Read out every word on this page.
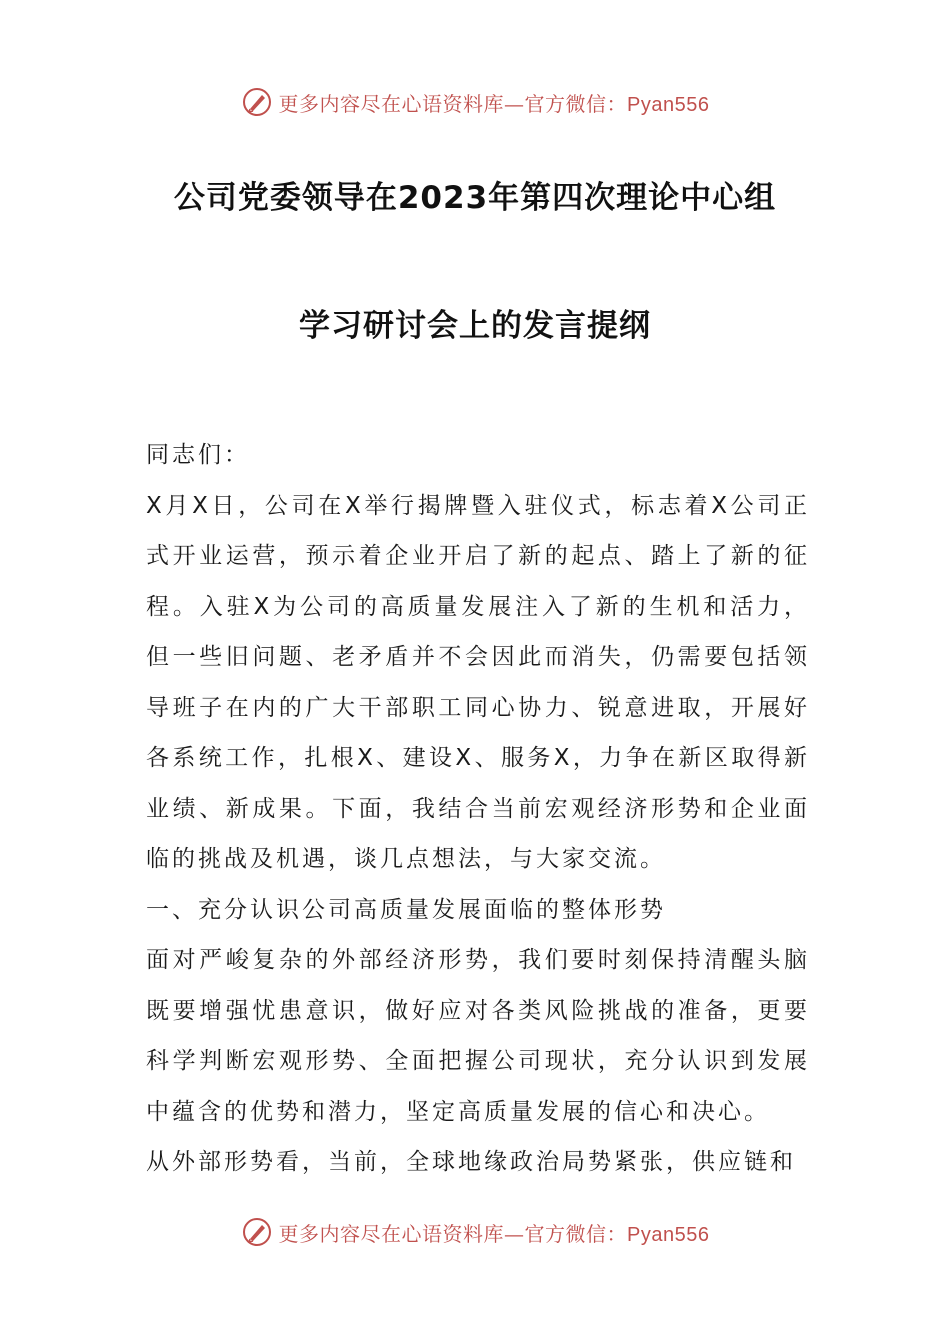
更多内容尽在心语资料库—官方微信：Pyan556
公司党委领导在2023年第四次理论中心组
学习研讨会上的发言提纲

同志们：

X月X日，公司在X举行揭牌暨入驻仪式，标志着X公司正式开业运营，预示着企业开启了新的起点、踏上了新的征程。入驻X为公司的高质量发展注入了新的生机和活力，但一些旧问题、老矛盾并不会因此而消失，仍需要包括领导班子在内的广大干部职工同心协力、锐意进取，开展好各系统工作，扎根X、建设X、服务X，力争在新区取得新业绩、新成果。下面，我结合当前宏观经济形势和企业面临的挑战及机遇，谈几点想法，与大家交流。

一、充分认识公司高质量发展面临的整体形势

面对严峻复杂的外部经济形势，我们要时刻保持清醒头脑既要增强忧患意识，做好应对各类风险挑战的准备，更要科学判断宏观形势、全面把握公司现状，充分认识到发展中蕴含的优势和潜力，坚定高质量发展的信心和决心。

从外部形势看，当前，全球地缘政治局势紧张，供应链和

更多内容尽在心语资料库—官方微信：Pyan556
